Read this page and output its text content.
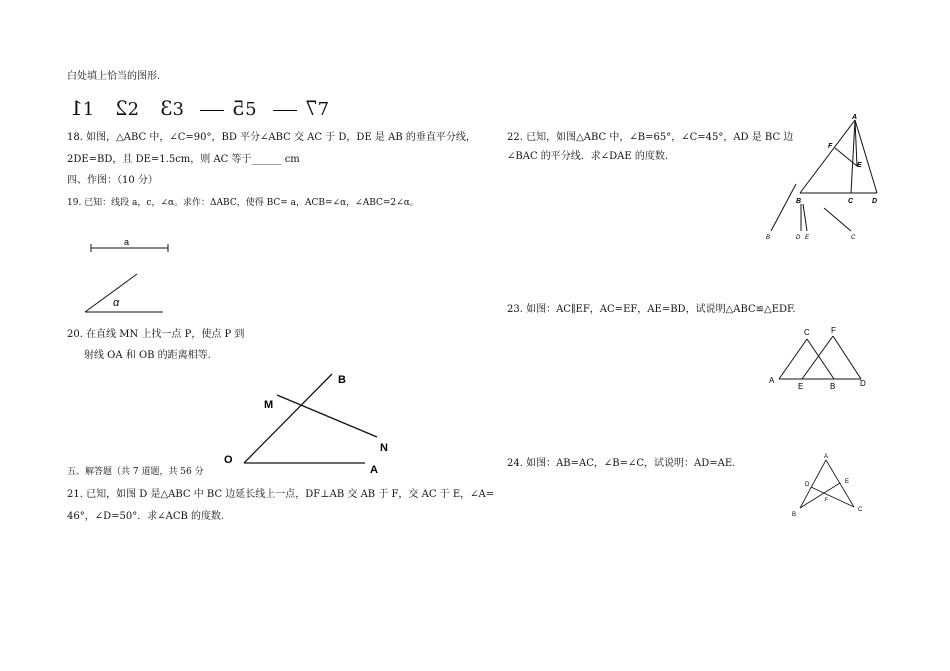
白处填上恰当的图形.
11 22 33 55 77
18. 如图，△ABC 中，∠C=90°，BD 平分∠ABC 交 AC 于 D，DE 是 AB 的垂直平分线，
2DE=BD，且 DE=1.5cm，则 AC 等于______ cm
四、作图：（10 分）
19. 已知：线段 a，c，∠α。求作：ΔABC，使得 BC= a，ACB=∠α，∠ABC=2∠α。
a
α
20. 在直线 MN 上找一点 P，使点 P 到
射线 OA 和 OB 的距离相等.
B
M
N
O
A
五、解答题（共 7 道题，共 56 分
21. 已知，如图 D 是△ABC 中 BC 边延长线上一点，DF⊥AB 交 AB 于 F，交 AC 于 E，∠A=
46°，∠D=50°．求∠ACB 的度数.
22. 已知，如图△ABC 中，∠B=65°，∠C=45°，AD 是 BC 边
∠BAC 的平分线．求∠DAE 的度数.
A
F
E
B	C	D
B	D E	C
23. 如图：AC∥EF，AC=EF，AE=BD，试说明△ABC≌△EDF.
A
E	B	D
C	F
24. 如图：AB=AC，∠B=∠C，试说明：AD=AE.
A
D	E
F
B
C
